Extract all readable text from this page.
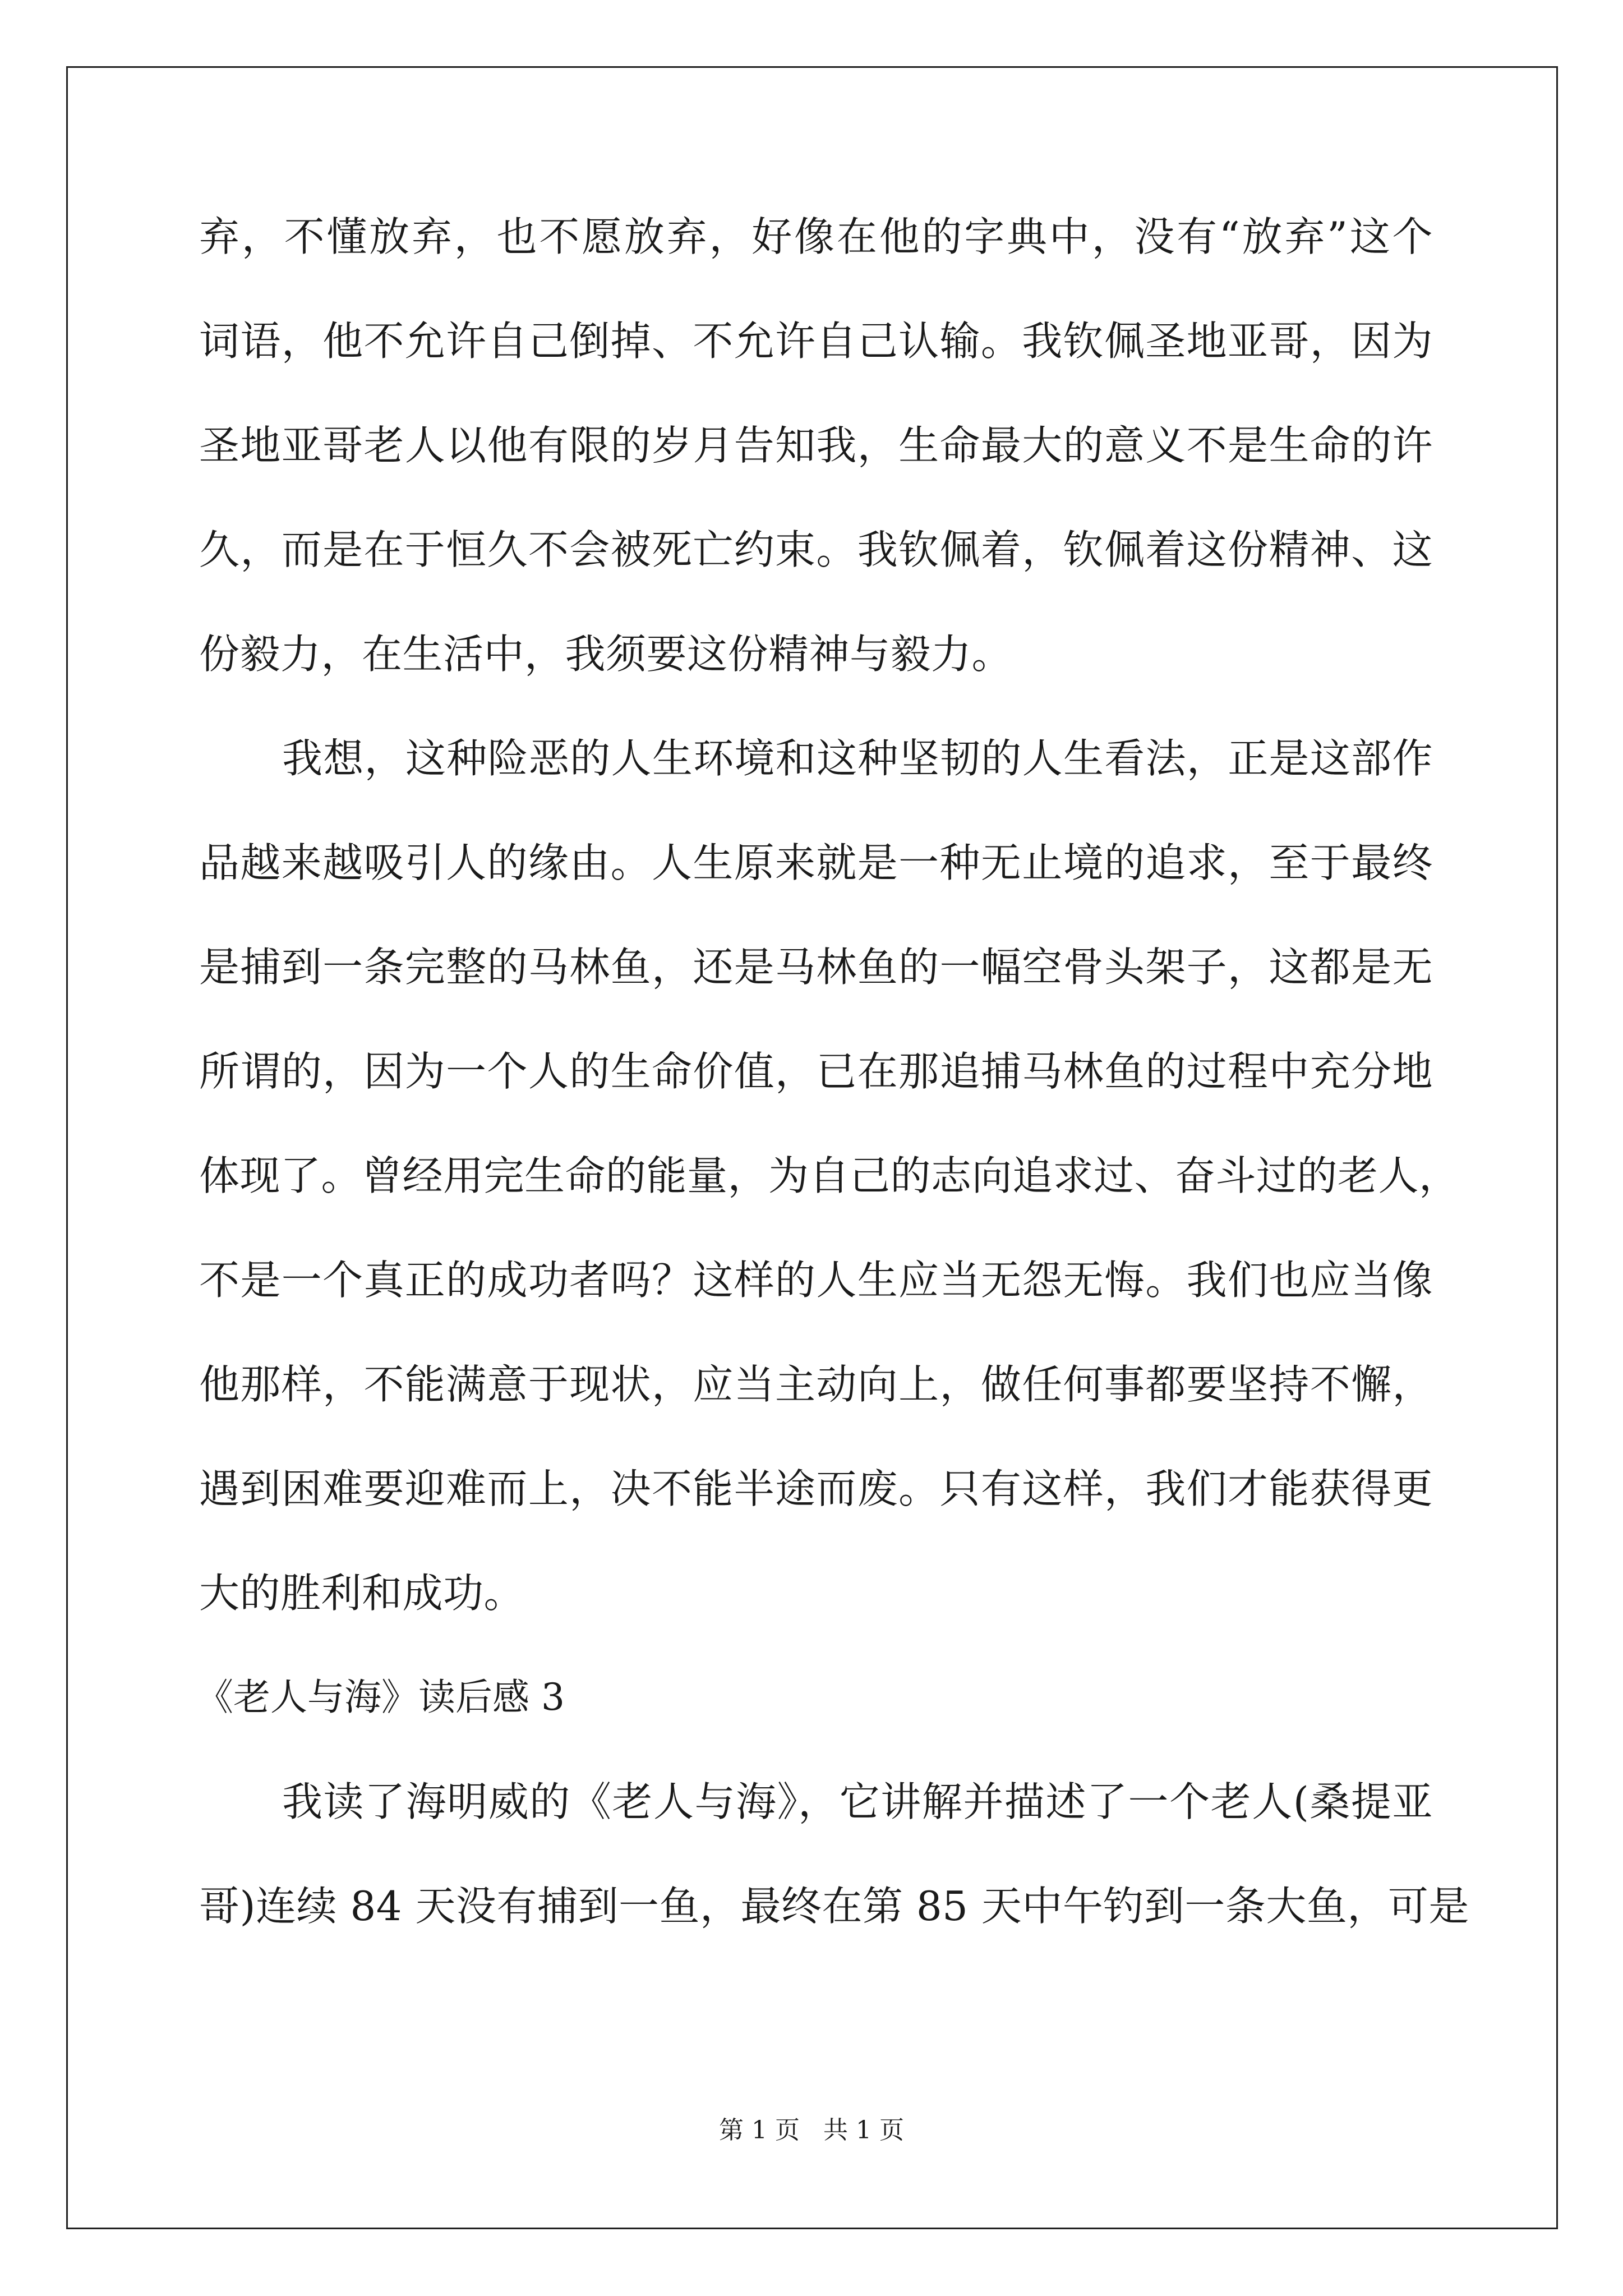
弃，不懂放弃，也不愿放弃，好像在他的字典中，没有“放弃”这个
词语，他不允许自己倒掉、不允许自己认输。我钦佩圣地亚哥，因为
圣地亚哥老人以他有限的岁月告知我，生命最大的意义不是生命的许
久，而是在于恒久不会被死亡约束。我钦佩着，钦佩着这份精神、这
份毅力，在生活中，我须要这份精神与毅力。
我想，这种险恶的人生环境和这种坚韧的人生看法，正是这部作
品越来越吸引人的缘由。人生原来就是一种无止境的追求，至于最终
是捕到一条完整的马林鱼，还是马林鱼的一幅空骨头架子，这都是无
所谓的，因为一个人的生命价值，已在那追捕马林鱼的过程中充分地
体现了。曾经用完生命的能量，为自己的志向追求过、奋斗过的老人，
不是一个真正的成功者吗？这样的人生应当无怨无悔。我们也应当像
他那样，不能满意于现状，应当主动向上，做任何事都要坚持不懈，
遇到困难要迎难而上，决不能半途而废。只有这样，我们才能获得更
大的胜利和成功。
《老人与海》读后感 3
我读了海明威的《老人与海》，它讲解并描述了一个老人(桑提亚
哥)连续 84 天没有捕到一鱼，最终在第 85 天中午钓到一条大鱼，可是
第 1 页   共 1 页
